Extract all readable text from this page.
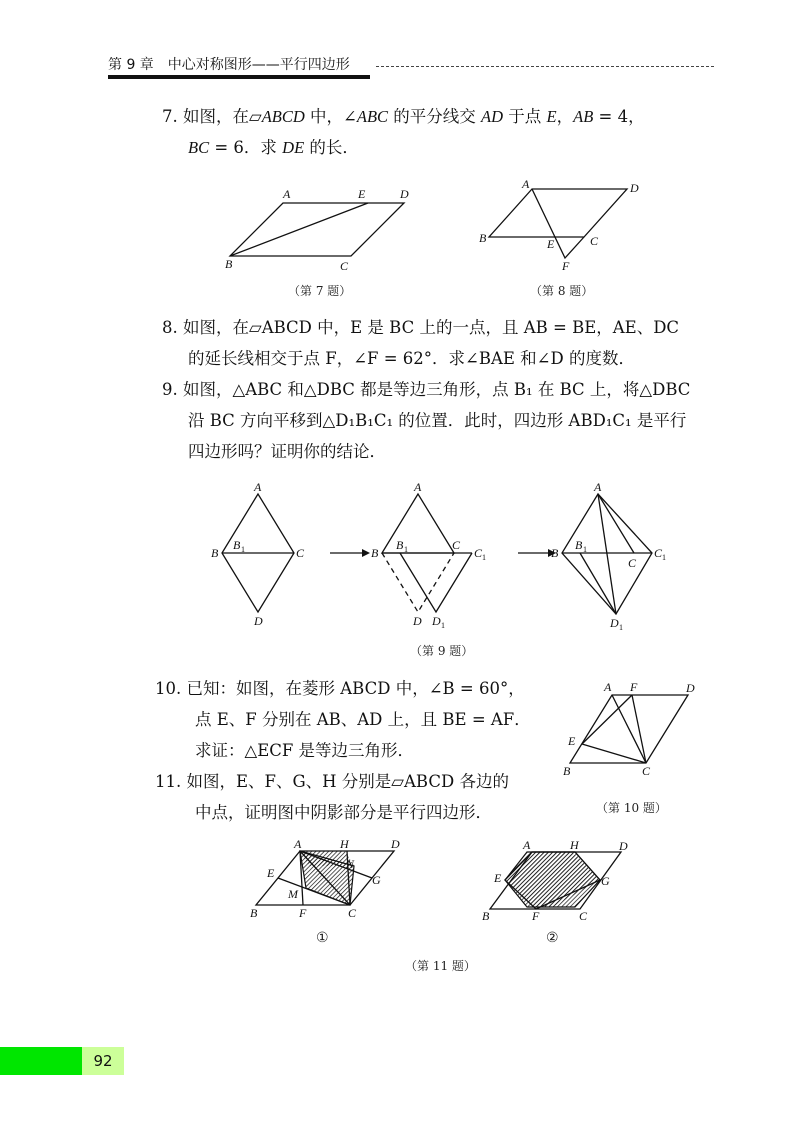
第 9 章　中心对称图形——平行四边形
7. 如图，在▱ABCD 中，∠ABC 的平分线交 AD 于点 E，AB = 4，
BC = 6．求 DE 的长．
A	E	D
B	C
A	D
B	C
E
F
（第 7 题）	（第 8 题）
8. 如图，在▱ABCD 中，E 是 BC 上的一点，且 AB = BE，AE、DC
的延长线相交于点 F，∠F = 62°．求∠BAE 和∠D 的度数．
9. 如图，△ABC 和△DBC 都是等边三角形，点 B₁ 在 BC 上，将△DBC
沿 BC 方向平移到△D₁B₁C₁ 的位置．此时，四边形 ABD₁C₁ 是平行
四边形吗？证明你的结论．
A
B
B 1	C
D
A
B
B 1	C
C 1
D D 1
A
B
B 1
C
C 1
D 1
（第 9 题）
10. 已知：如图，在菱形 ABCD 中，∠B = 60°，
点 E、F 分别在 AB、AD 上，且 BE = AF．
求证：△ECF 是等边三角形．
11. 如图，E、F、G、H 分别是▱ABCD 各边的
中点，证明图中阴影部分是平行四边形．
A F	D
E
B	C
（第 10 题）
A	H	D
N
E	G
M
B	F	C
A	H	D
E	G
B	F	C
①	②
（第 11 题）
92
